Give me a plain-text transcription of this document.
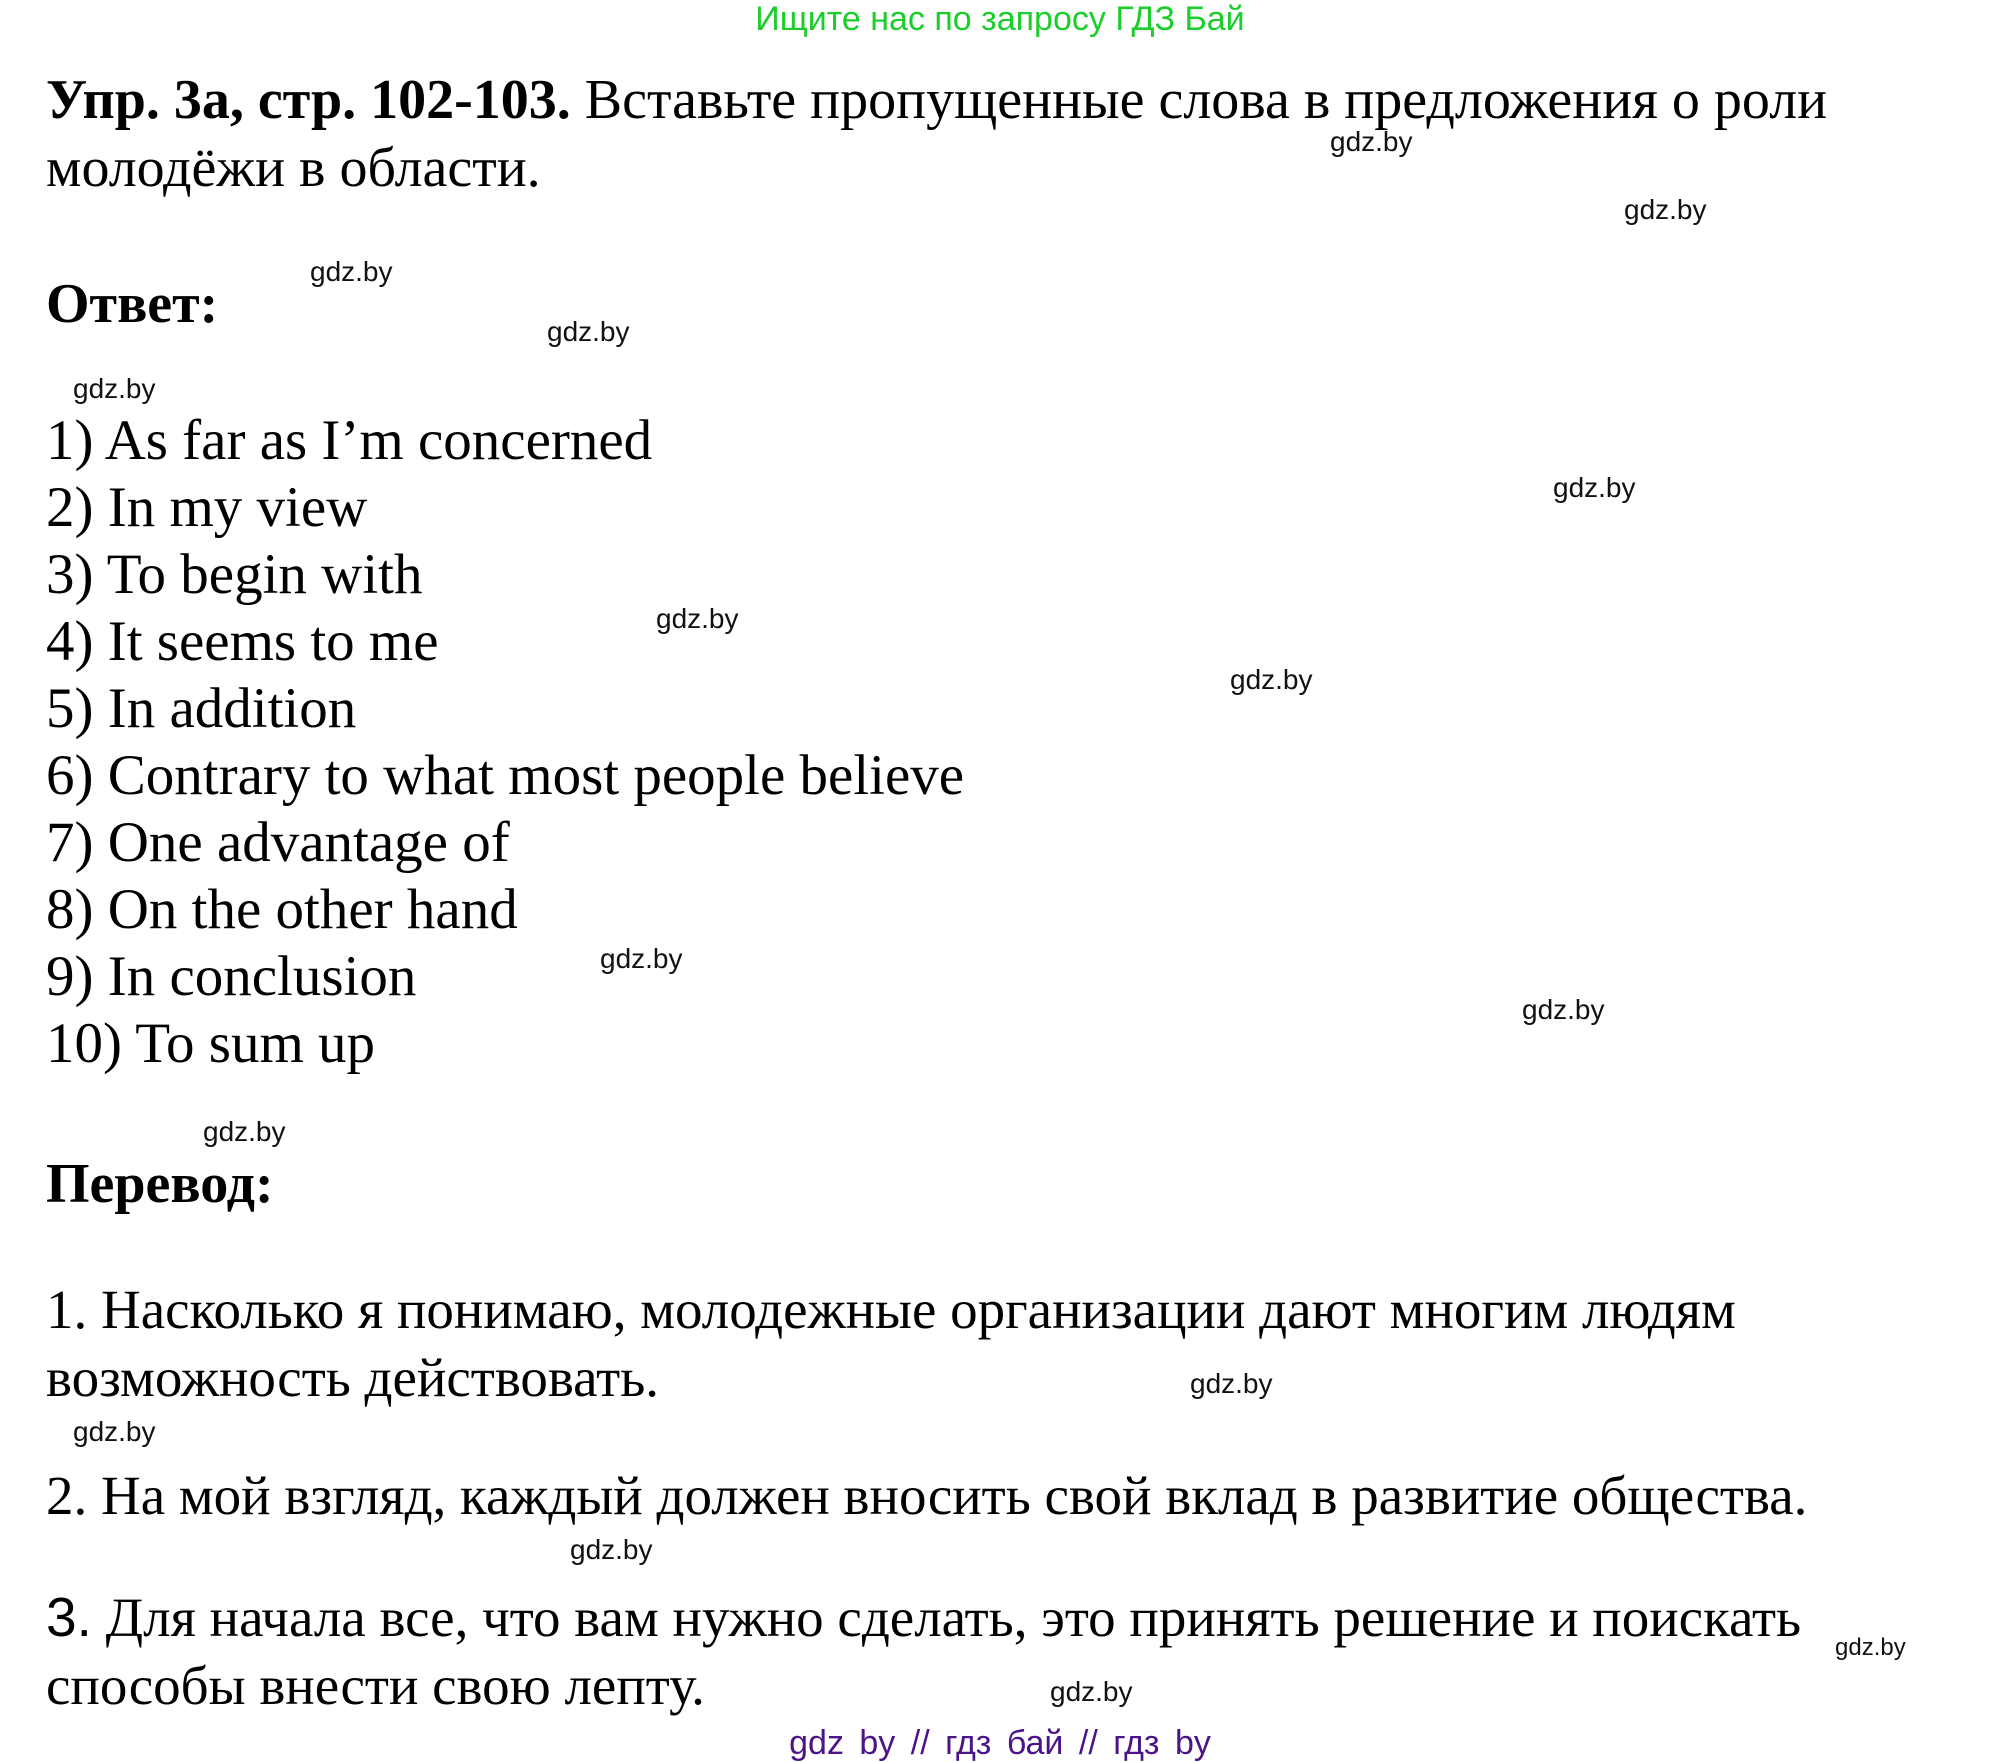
Ищите нас по запросу ГДЗ Бай
Упр. 3а, стр. 102-103. Вставьте пропущенные слова в предложения о роли
молодёжи в области.
Ответ:
1) As far as I’m concerned
2) In my view
3) To begin with
4) It seems to me
5) In addition
6) Contrary to what most people believe
7) One advantage of
8) On the other hand
9) In conclusion
10) To sum up
Перевод:
1. Насколько я понимаю, молодежные организации дают многим людям
возможность действовать.
2. На мой взгляд, каждый должен вносить свой вклад в развитие общества.
3. Для начала все, что вам нужно сделать, это принять решение и поискать
способы внести свою лепту.
gdz.by
gdz.by
gdz.by
gdz.by
gdz.by
gdz.by
gdz.by
gdz.by
gdz.by
gdz.by
gdz.by
gdz.by
gdz.by
gdz.by
gdz.by
gdz.by
gdz by // гдз бай // гдз by
